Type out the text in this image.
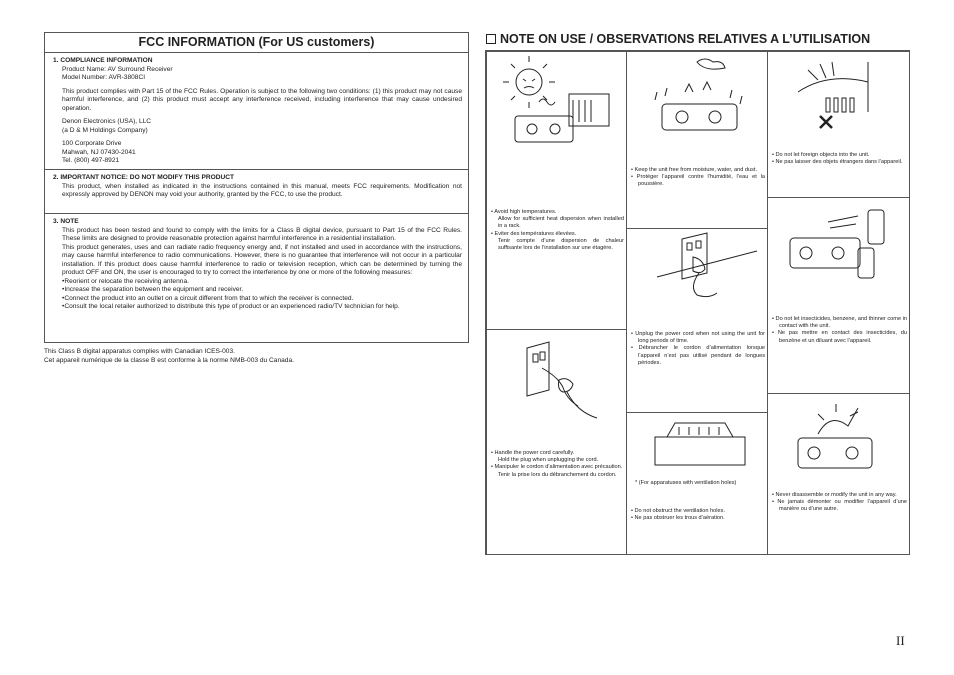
FCC INFORMATION (For US customers)
1. COMPLIANCE INFORMATION

Product Name: AV Surround Receiver

Model Number: AVR-3808CI

This product complies with Part 15 of the FCC Rules. Operation is subject to the following two conditions: (1) this product may not cause harmful interference, and (2) this product must accept any interference received, including interference that may cause undesired operation.

Denon Electronics (USA), LLC

(a D & M Holdings Company)

100 Corporate Drive

Mahwah, NJ 07430-2041

Tel. (800) 497-8921

2. IMPORTANT NOTICE: DO NOT MODIFY THIS PRODUCT

This product, when installed as indicated in the instructions contained in this manual, meets FCC requirements. Modification not expressly approved by DENON may void your authority, granted by the FCC, to use the product.

3. NOTE

This product has been tested and found to comply with the limits for a Class B digital device, pursuant to Part 15 of the FCC Rules. These limits are designed to provide reasonable protection against harmful interference in a residential installation.

This product generates, uses and can radiate radio frequency energy and, if not installed and used in accordance with the instructions, may cause harmful interference to radio communications. However, there is no guarantee that interference will not occur in a particular installation. If this product does cause harmful interference to radio or television reception, which can be determined by turning the product OFF and ON, the user is encouraged to try to correct the interference by one or more of the following measures:

• Reorient or relocate the receiving antenna.
• Increase the separation between the equipment and receiver.
• Connect the product into an outlet on a circuit different from that to which the receiver is connected.
• Consult the local retailer authorized to distribute this type of product or an experienced radio/TV technician for help.
This Class B digital apparatus complies with Canadian ICES-003.
Cet appareil numérique de la classe B est conforme à la norme NMB-003 du Canada.
NOTE ON USE / OBSERVATIONS RELATIVES A L’UTILISATION
• Avoid high temperatures.
Allow for sufficient heat dispersion when installed in a rack.
• Eviter des températures élevées.
Tenir compte d’une dispersion de chaleur suffisante lors de l’installation sur une étagère.
• Handle the power cord carefully.
Hold the plug when unplugging the cord.
• Manipuler le cordon d’alimentation avec précaution.
Tenir la prise lors du débranchement du cordon.
• Keep the unit free from moisture, water, and dust.
• Protéger l’appareil contre l’humidité, l’eau et la poussière.
• Unplug the power cord when not using the unit for long periods of time.
• Débrancher le cordon d’alimentation lorsque l’appareil n’est pas utilisé pendant de longues périodes.
* (For apparatuses with ventilation holes)
• Do not obstruct the ventilation holes.
• Ne pas obstruer les trous d’aération.
• Do not let foreign objects into the unit.
• Ne pas laisser des objets étrangers dans l’appareil.
• Do not let insecticides, benzene, and thinner come in contact with the unit.
• Ne pas mettre en contact des insecticides, du benzène et un diluant avec l’appareil.
• Never disassemble or modify the unit in any way.
• Ne jamais démonter ou modifier l’appareil d’une manière ou d’une autre.
II
